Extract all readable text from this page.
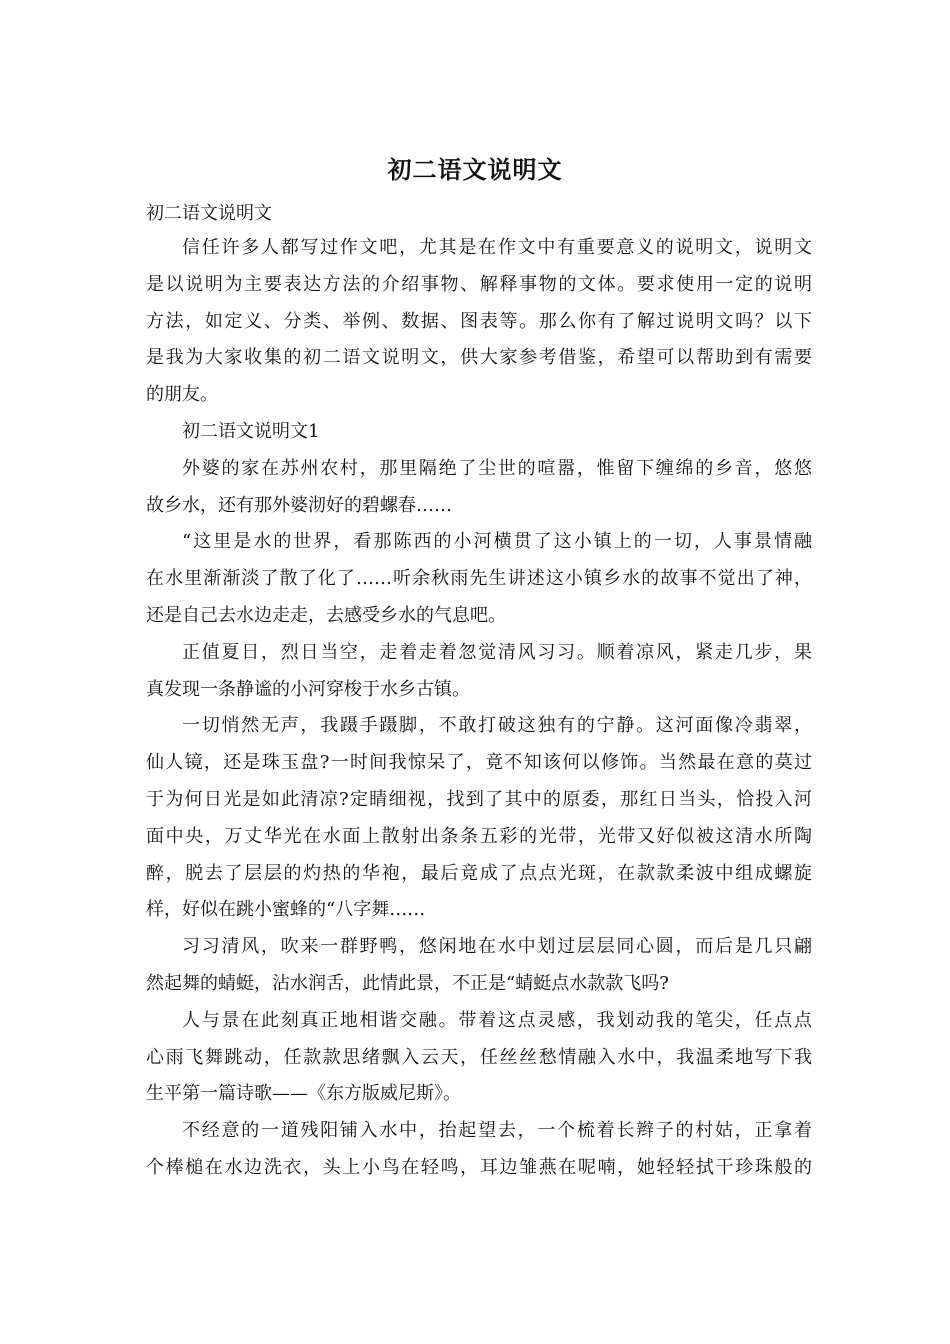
初二语文说明文
初二语文说明文
信任许多人都写过作文吧，尤其是在作文中有重要意义的说明文，说明文
是以说明为主要表达方法的介绍事物、解释事物的文体。要求使用一定的说明
方法，如定义、分类、举例、数据、图表等。那么你有了解过说明文吗？以下
是我为大家收集的初二语文说明文，供大家参考借鉴，希望可以帮助到有需要
的朋友。
初二语文说明文1
外婆的家在苏州农村，那里隔绝了尘世的喧嚣，惟留下缠绵的乡音，悠悠
故乡水，还有那外婆沏好的碧螺春……
“这里是水的世界，看那陈西的小河横贯了这小镇上的一切，人事景情融
在水里渐渐淡了散了化了……听余秋雨先生讲述这小镇乡水的故事不觉出了神，
还是自己去水边走走，去感受乡水的气息吧。
正值夏日，烈日当空，走着走着忽觉清风习习。顺着凉风，紧走几步，果
真发现一条静谧的小河穿梭于水乡古镇。
一切悄然无声，我蹑手蹑脚，不敢打破这独有的宁静。这河面像冷翡翠，
仙人镜，还是珠玉盘?一时间我惊呆了，竟不知该何以修饰。当然最在意的莫过
于为何日光是如此清凉?定睛细视，找到了其中的原委，那红日当头，恰投入河
面中央，万丈华光在水面上散射出条条五彩的光带，光带又好似被这清水所陶
醉，脱去了层层的灼热的华袍，最后竟成了点点光斑，在款款柔波中组成螺旋
样，好似在跳小蜜蜂的“八字舞……
习习清风，吹来一群野鸭，悠闲地在水中划过层层同心圆，而后是几只翩
然起舞的蜻蜓，沾水润舌，此情此景，不正是“蜻蜓点水款款飞吗?
人与景在此刻真正地相谐交融。带着这点灵感，我划动我的笔尖，任点点
心雨飞舞跳动，任款款思绪飘入云天，任丝丝愁情融入水中，我温柔地写下我
生平第一篇诗歌——《东方版威尼斯》。
不经意的一道残阳铺入水中，抬起望去，一个梳着长辫子的村姑，正拿着
个棒槌在水边洗衣，头上小鸟在轻鸣，耳边雏燕在呢喃，她轻轻拭干珍珠般的
